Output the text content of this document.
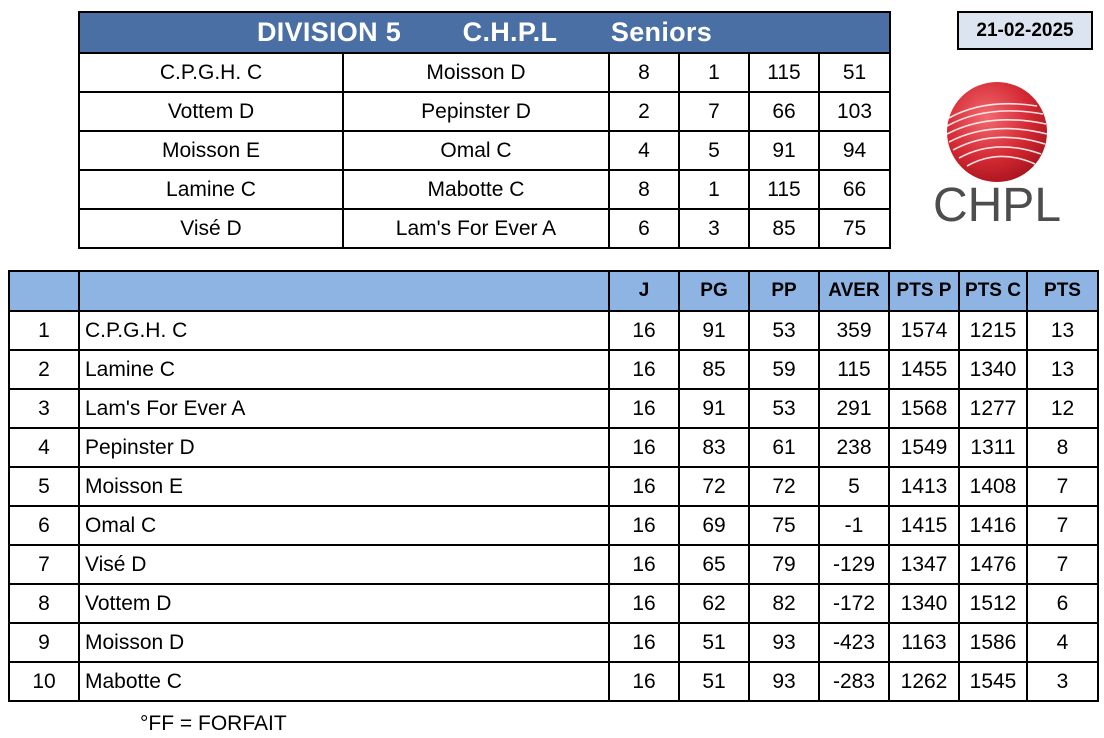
DIVISION 5 C.H.P.L Seniors					
C.P.G.H. C	Moisson D	8	1	115	51
Vottem D	Pepinster D	2	7	66	103
Moisson E	Omal C	4	5	91	94
Lamine C	Mabotte C	8	1	115	66
Visé D	Lam's For Ever A	6	3	85	75
21-02-2025
CHPL
		J	PG	PP	AVER	PTS P	PTS C	PTS
1	C.P.G.H. C	16	91	53	359	1574	1215	13
2	Lamine C	16	85	59	115	1455	1340	13
3	Lam's For Ever A	16	91	53	291	1568	1277	12
4	Pepinster D	16	83	61	238	1549	1311	8
5	Moisson E	16	72	72	5	1413	1408	7
6	Omal C	16	69	75	-1	1415	1416	7
7	Visé D	16	65	79	-129	1347	1476	7
8	Vottem D	16	62	82	-172	1340	1512	6
9	Moisson D	16	51	93	-423	1163	1586	4
10	Mabotte C	16	51	93	-283	1262	1545	3
°FF = FORFAIT
